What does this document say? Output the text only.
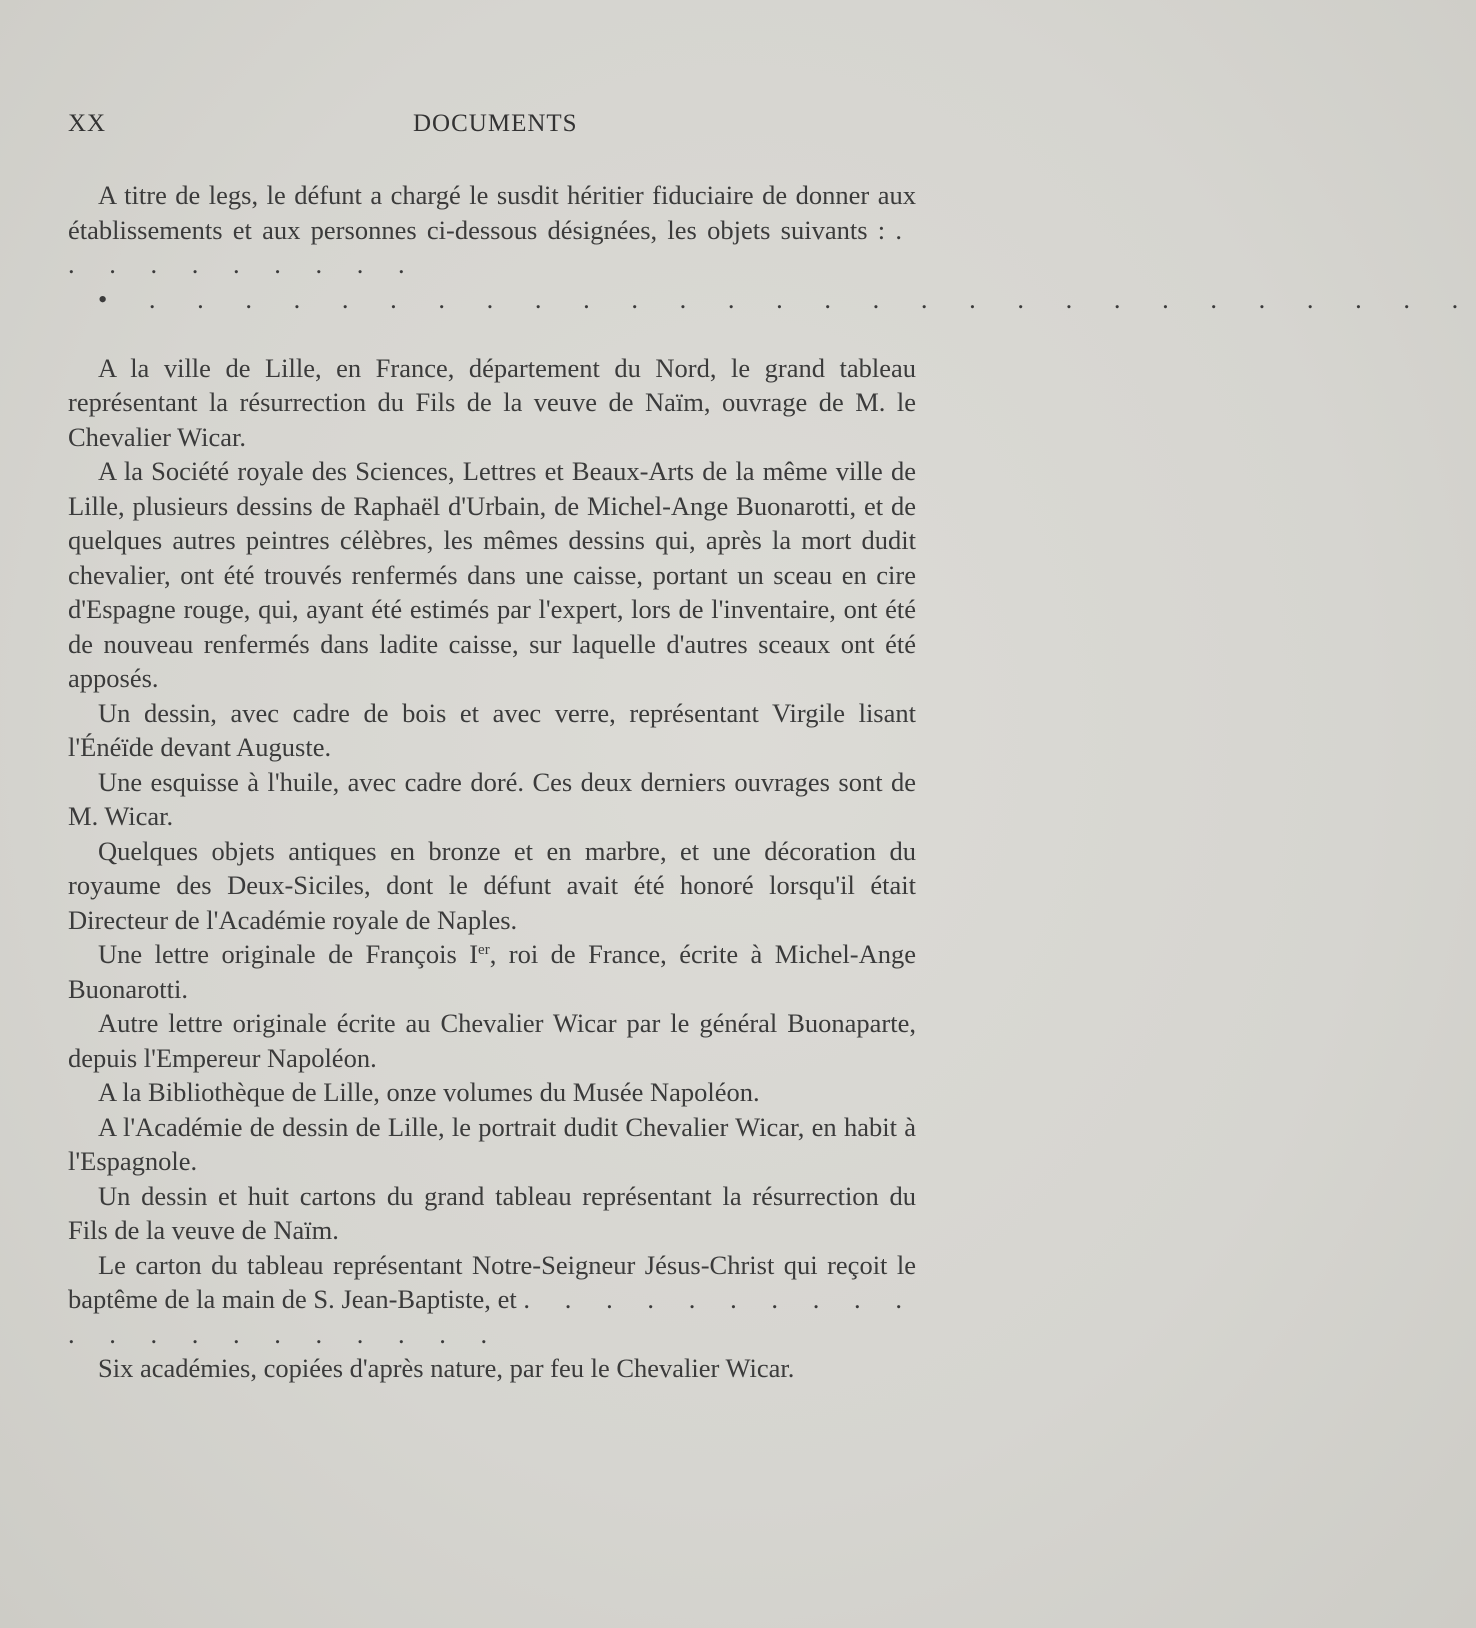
XX	DOCUMENTS

A titre de legs, le défunt a chargé le susdit héritier fiduciaire de donner aux établissements et aux personnes ci-dessous désignées, les objets suivants : . . . . . . . . . .

• . . . . . . . . . . . . . . . . . . . . . . . . . . . .

A la ville de Lille, en France, département du Nord, le grand tableau représentant la résurrection du Fils de la veuve de Naïm, ouvrage de M. le Chevalier Wicar.

A la Société royale des Sciences, Lettres et Beaux-Arts de la même ville de Lille, plusieurs dessins de Raphaël d'Urbain, de Michel-Ange Buonarotti, et de quelques autres peintres célèbres, les mêmes dessins qui, après la mort dudit chevalier, ont été trouvés renfermés dans une caisse, portant un sceau en cire d'Espagne rouge, qui, ayant été estimés par l'expert, lors de l'inventaire, ont été de nouveau renfermés dans ladite caisse, sur laquelle d'autres sceaux ont été apposés.

Un dessin, avec cadre de bois et avec verre, représentant Virgile lisant l'Énéïde devant Auguste.

Une esquisse à l'huile, avec cadre doré. Ces deux derniers ouvrages sont de M. Wicar.

Quelques objets antiques en bronze et en marbre, et une décoration du royaume des Deux-Siciles, dont le défunt avait été honoré lorsqu'il était Directeur de l'Académie royale de Naples.

Une lettre originale de François Ier, roi de France, écrite à Michel-Ange Buonarotti.

Autre lettre originale écrite au Chevalier Wicar par le général Buonaparte, depuis l'Empereur Napoléon.

A la Bibliothèque de Lille, onze volumes du Musée Napoléon.

A l'Académie de dessin de Lille, le portrait dudit Chevalier Wicar, en habit à l'Espagnole.

Un dessin et huit cartons du grand tableau représentant la résurrection du Fils de la veuve de Naïm.

Le carton du tableau représentant Notre-Seigneur Jésus-Christ qui reçoit le baptême de la main de S. Jean-Baptiste, et . . . . . . . . . . . . . . . . . . . . .

Six académies, copiées d'après nature, par feu le Chevalier Wicar.
